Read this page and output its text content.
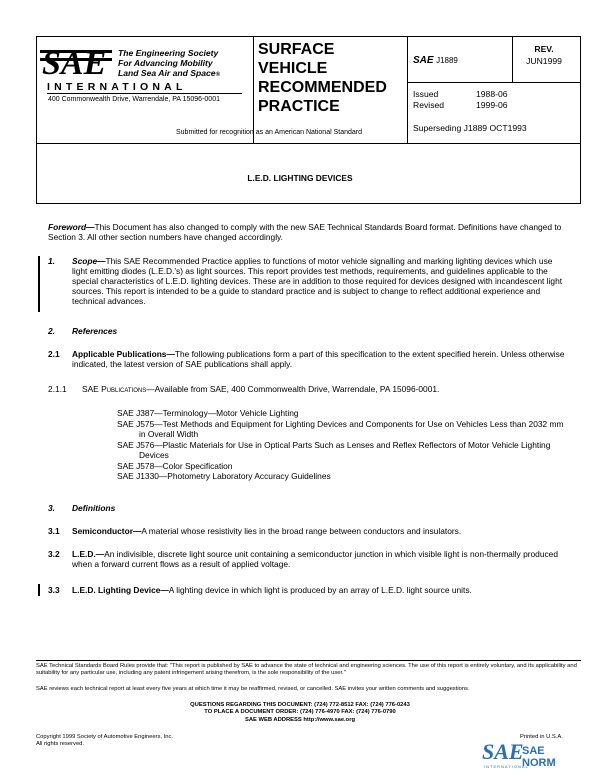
SAE The Engineering Society
For Advancing Mobility
Land Sea Air and Space®
INTERNATIONAL
400 Commonwealth Drive, Warrendale, PA 15096-0001
SURFACE
VEHICLE
RECOMMENDED
PRACTICE
SAE J1889
REV.
JUN1999
Issued	1988-06
Revised	1999-06
Superseding J1889 OCT1993
Submitted for recognition as an American National Standard
L.E.D. LIGHTING DEVICES
Foreword—This Document has also changed to comply with the new SAE Technical Standards Board format. Definitions have changed to Section 3. All other section numbers have changed accordingly.
1. Scope—This SAE Recommended Practice applies to functions of motor vehicle signalling and marking lighting devices which use light emitting diodes (L.E.D.'s) as light sources. This report provides test methods, requirements, and guidelines applicable to the special characteristics of L.E.D. lighting devices. These are in addition to those required for devices designed with incandescent light sources. This report is intended to be a guide to standard practice and is subject to change to reflect additional experience and technical advances.
2. References
2.1 Applicable Publications—The following publications form a part of this specification to the extent specified herein. Unless otherwise indicated, the latest version of SAE publications shall apply.
2.1.1 SAE Publications—Available from SAE, 400 Commonwealth Drive, Warrendale, PA 15096-0001.
SAE J387—Terminology—Motor Vehicle Lighting
SAE J575—Test Methods and Equipment for Lighting Devices and Components for Use on Vehicles Less than 2032 mm in Overall Width
SAE J576—Plastic Materials for Use in Optical Parts Such as Lenses and Reflex Reflectors of Motor Vehicle Lighting Devices
SAE J578—Color Specification
SAE J1330—Photometry Laboratory Accuracy Guidelines
3. Definitions
3.1 Semiconductor—A material whose resistivity lies in the broad range between conductors and insulators.
3.2 L.E.D.—An indivisible, discrete light source unit containing a semiconductor junction in which visible light is non-thermally produced when a forward current flows as a result of applied voltage.
3.3 L.E.D. Lighting Device—A lighting device in which light is produced by an array of L.E.D. light source units.
SAE Technical Standards Board Rules provide that: "This report is published by SAE to advance the state of technical and engineering sciences. The use of this report is entirely voluntary, and its applicability and suitability for any particular use, including any patent infringement arising therefrom, is the sole responsibility of the user."
SAE reviews each technical report at least every five years at which time it may be reaffirmed, revised, or cancelled. SAE invites your written comments and suggestions.
QUESTIONS REGARDING THIS DOCUMENT: (724) 772-8512 FAX: (724) 776-0243
TO PLACE A DOCUMENT ORDER: (724) 776-4970 FAX: (724) 776-0790
SAE WEB ADDRESS http://www.sae.org
Copyright 1999 Society of Automotive Engineers, Inc.
All rights reserved.
Printed in U.S.A.
SAE
SAE NORM
INTERNATIONAL
